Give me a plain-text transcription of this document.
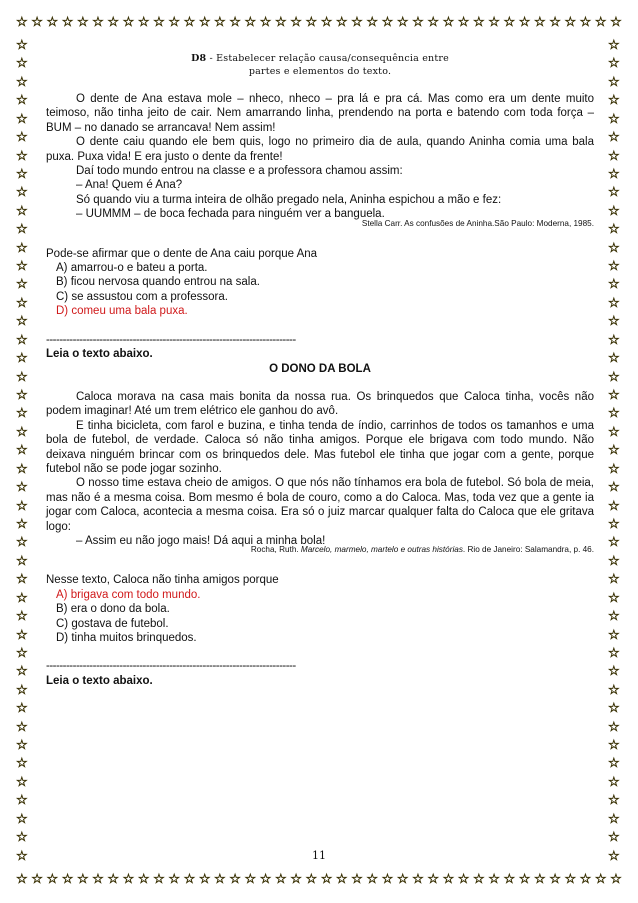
☆ ☆ ☆ ☆ ☆ ☆ ☆ ☆ ☆ ☆ ☆ ☆ ☆ ☆ ☆ ☆ ☆ ☆ ☆ ☆ ☆ ☆ ☆ ☆ ☆ ☆ ☆ ☆ ☆ ☆ ☆ ☆ ☆ ☆ ☆ ☆ ☆ ☆ ☆ ☆
☆ ☆ ☆ ☆ ☆ ☆ ☆ ☆ ☆ ☆ ☆ ☆ ☆ ☆ ☆ ☆ ☆ ☆ ☆ ☆ ☆ ☆ ☆ ☆ ☆ ☆ ☆ ☆ ☆ ☆ ☆ ☆ ☆ ☆ ☆ ☆ ☆ ☆ ☆ ☆
☆
☆
☆
☆
☆
☆
☆
☆
☆
☆
☆
☆
☆
☆
☆
☆
☆
☆
☆
☆
☆
☆
☆
☆
☆
☆
☆
☆
☆
☆
☆
☆
☆
☆
☆
☆
☆
☆
☆
☆
☆
☆
☆
☆
☆
☆
☆
☆
☆
☆
☆
☆
☆
☆
☆
☆
☆
☆
☆
☆
☆
☆
☆
☆
☆
☆
☆
☆
☆
☆
☆
☆
☆
☆
☆
☆
☆
☆
☆
☆
☆
☆
☆
☆
☆
☆
☆
☆
☆
☆
D8 - Estabelecer relação causa/consequência entre
partes e elementos do texto.

O dente de Ana estava mole – nheco, nheco – pra lá e pra cá. Mas como era um dente muito teimoso, não tinha jeito de cair. Nem amarrando linha, prendendo na porta e batendo com toda força – BUM – no danado se arrancava! Nem assim!

O dente caiu quando ele bem quis, logo no primeiro dia de aula, quando Aninha comia uma bala puxa. Puxa vida! E era justo o dente da frente!

Daí todo mundo entrou na classe e a professora chamou assim:

– Ana! Quem é Ana?

Só quando viu a turma inteira de olhão pregado nela, Aninha espichou a mão e fez:

– UUMMM – de boca fechada para ninguém ver a banguela.

Stella Carr. As confusões de Aninha.São Paulo: Moderna, 1985.

Pode-se afirmar que o dente de Ana caiu porque Ana

A) amarrou-o e bateu a porta.

B) ficou nervosa quando entrou na sala.

C) se assustou com a professora.

D) comeu uma bala puxa.

---------------------------------------------------------------------------

Leia o texto abaixo.

O DONO DA BOLA

Caloca morava na casa mais bonita da nossa rua. Os brinquedos que Caloca tinha, vocês não podem imaginar! Até um trem elétrico ele ganhou do avô.

E tinha bicicleta, com farol e buzina, e tinha tenda de índio, carrinhos de todos os tamanhos e uma bola de futebol, de verdade. Caloca só não tinha amigos. Porque ele brigava com todo mundo. Não deixava ninguém brincar com os brinquedos dele. Mas futebol ele tinha que jogar com a gente, porque futebol não se pode jogar sozinho.

O nosso time estava cheio de amigos. O que nós não tínhamos era bola de futebol. Só bola de meia, mas não é a mesma coisa. Bom mesmo é bola de couro, como a do Caloca. Mas, toda vez que a gente ia jogar com Caloca, acontecia a mesma coisa. Era só o juiz marcar qualquer falta do Caloca que ele gritava logo:

– Assim eu não jogo mais! Dá aqui a minha bola!

Rocha, Ruth. Marcelo, marmelo, martelo e outras histórias. Rio de Janeiro: Salamandra, p. 46.

Nesse texto, Caloca não tinha amigos porque

A) brigava com todo mundo.

B) era o dono da bola.

C) gostava de futebol.

D) tinha muitos brinquedos.

---------------------------------------------------------------------------

Leia o texto abaixo.

11
